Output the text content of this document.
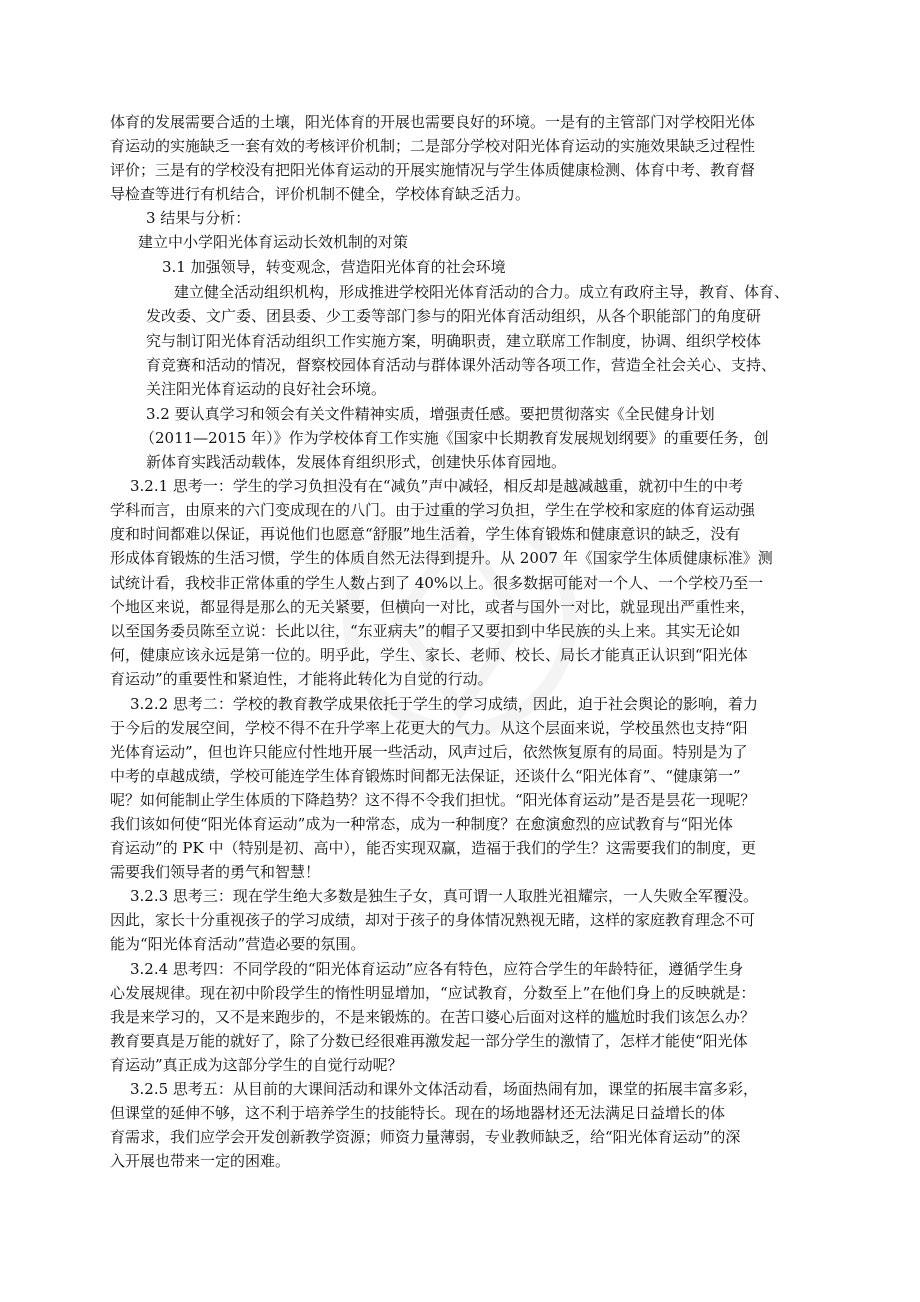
体育的发展需要合适的土壤，阳光体育的开展也需要良好的环境。一是有的主管部门对学校阳光体
育运动的实施缺乏一套有效的考核评价机制；二是部分学校对阳光体育运动的实施效果缺乏过程性
评价；三是有的学校没有把阳光体育运动的开展实施情况与学生体质健康检测、体育中考、教育督
导检查等进行有机结合，评价机制不健全，学校体育缺乏活力。
3 结果与分析：
建立中小学阳光体育运动长效机制的对策
3.1 加强领导，转变观念，营造阳光体育的社会环境
建立健全活动组织机构，形成推进学校阳光体育活动的合力。成立有政府主导，教育、体育、
发改委、文广委、团县委、少工委等部门参与的阳光体育活动组织，从各个职能部门的角度研
究与制订阳光体育活动组织工作实施方案，明确职责，建立联席工作制度，协调、组织学校体
育竞赛和活动的情况，督察校园体育活动与群体课外活动等各项工作，营造全社会关心、支持、
关注阳光体育运动的良好社会环境。
3.2 要认真学习和领会有关文件精神实质，增强责任感。要把贯彻落实《全民健身计划
（2011—2015 年）》作为学校体育工作实施《国家中长期教育发展规划纲要》的重要任务，创
新体育实践活动载体，发展体育组织形式，创建快乐体育园地。
3.2.1 思考一：学生的学习负担没有在“减负”声中减轻，相反却是越减越重，就初中生的中考
学科而言，由原来的六门变成现在的八门。由于过重的学习负担，学生在学校和家庭的体育运动强
度和时间都难以保证，再说他们也愿意“舒服”地生活着，学生体育锻炼和健康意识的缺乏，没有
形成体育锻炼的生活习惯，学生的体质自然无法得到提升。从 2007 年《国家学生体质健康标准》测
试统计看，我校非正常体重的学生人数占到了 40%以上。很多数据可能对一个人、一个学校乃至一
个地区来说，都显得是那么的无关紧要，但横向一对比，或者与国外一对比，就显现出严重性来，
以至国务委员陈至立说：长此以往，“东亚病夫”的帽子又要扣到中华民族的头上来。其实无论如
何，健康应该永远是第一位的。明乎此，学生、家长、老师、校长、局长才能真正认识到“阳光体
育运动”的重要性和紧迫性，才能将此转化为自觉的行动。
3.2.2 思考二：学校的教育教学成果依托于学生的学习成绩，因此，迫于社会舆论的影响，着力
于今后的发展空间，学校不得不在升学率上花更大的气力。从这个层面来说，学校虽然也支持“阳
光体育运动”，但也许只能应付性地开展一些活动，风声过后，依然恢复原有的局面。特别是为了
中考的卓越成绩，学校可能连学生体育锻炼时间都无法保证，还谈什么“阳光体育”、“健康第一”
呢？如何能制止学生体质的下降趋势？这不得不令我们担忧。“阳光体育运动”是否是昙花一现呢？
我们该如何使“阳光体育运动”成为一种常态，成为一种制度？在愈演愈烈的应试教育与“阳光体
育运动”的 PK 中（特别是初、高中），能否实现双赢，造福于我们的学生？这需要我们的制度，更
需要我们领导者的勇气和智慧！
3.2.3 思考三：现在学生绝大多数是独生子女，真可谓一人取胜光祖耀宗，一人失败全军覆没。
因此，家长十分重视孩子的学习成绩，却对于孩子的身体情况熟视无睹，这样的家庭教育理念不可
能为“阳光体育活动”营造必要的氛围。
3.2.4 思考四：不同学段的“阳光体育运动”应各有特色，应符合学生的年龄特征，遵循学生身
心发展规律。现在初中阶段学生的惰性明显增加，“应试教育，分数至上”在他们身上的反映就是：
我是来学习的，又不是来跑步的，不是来锻炼的。在苦口婆心后面对这样的尴尬时我们该怎么办？
教育要真是万能的就好了，除了分数已经很难再激发起一部分学生的激情了，怎样才能使“阳光体
育运动”真正成为这部分学生的自觉行动呢？
3.2.5 思考五：从目前的大课间活动和课外文体活动看，场面热闹有加，课堂的拓展丰富多彩，
但课堂的延伸不够，这不利于培养学生的技能特长。现在的场地器材还无法满足日益增长的体
育需求，我们应学会开发创新教学资源；师资力量薄弱，专业教师缺乏，给“阳光体育运动”的深
入开展也带来一定的困难。
